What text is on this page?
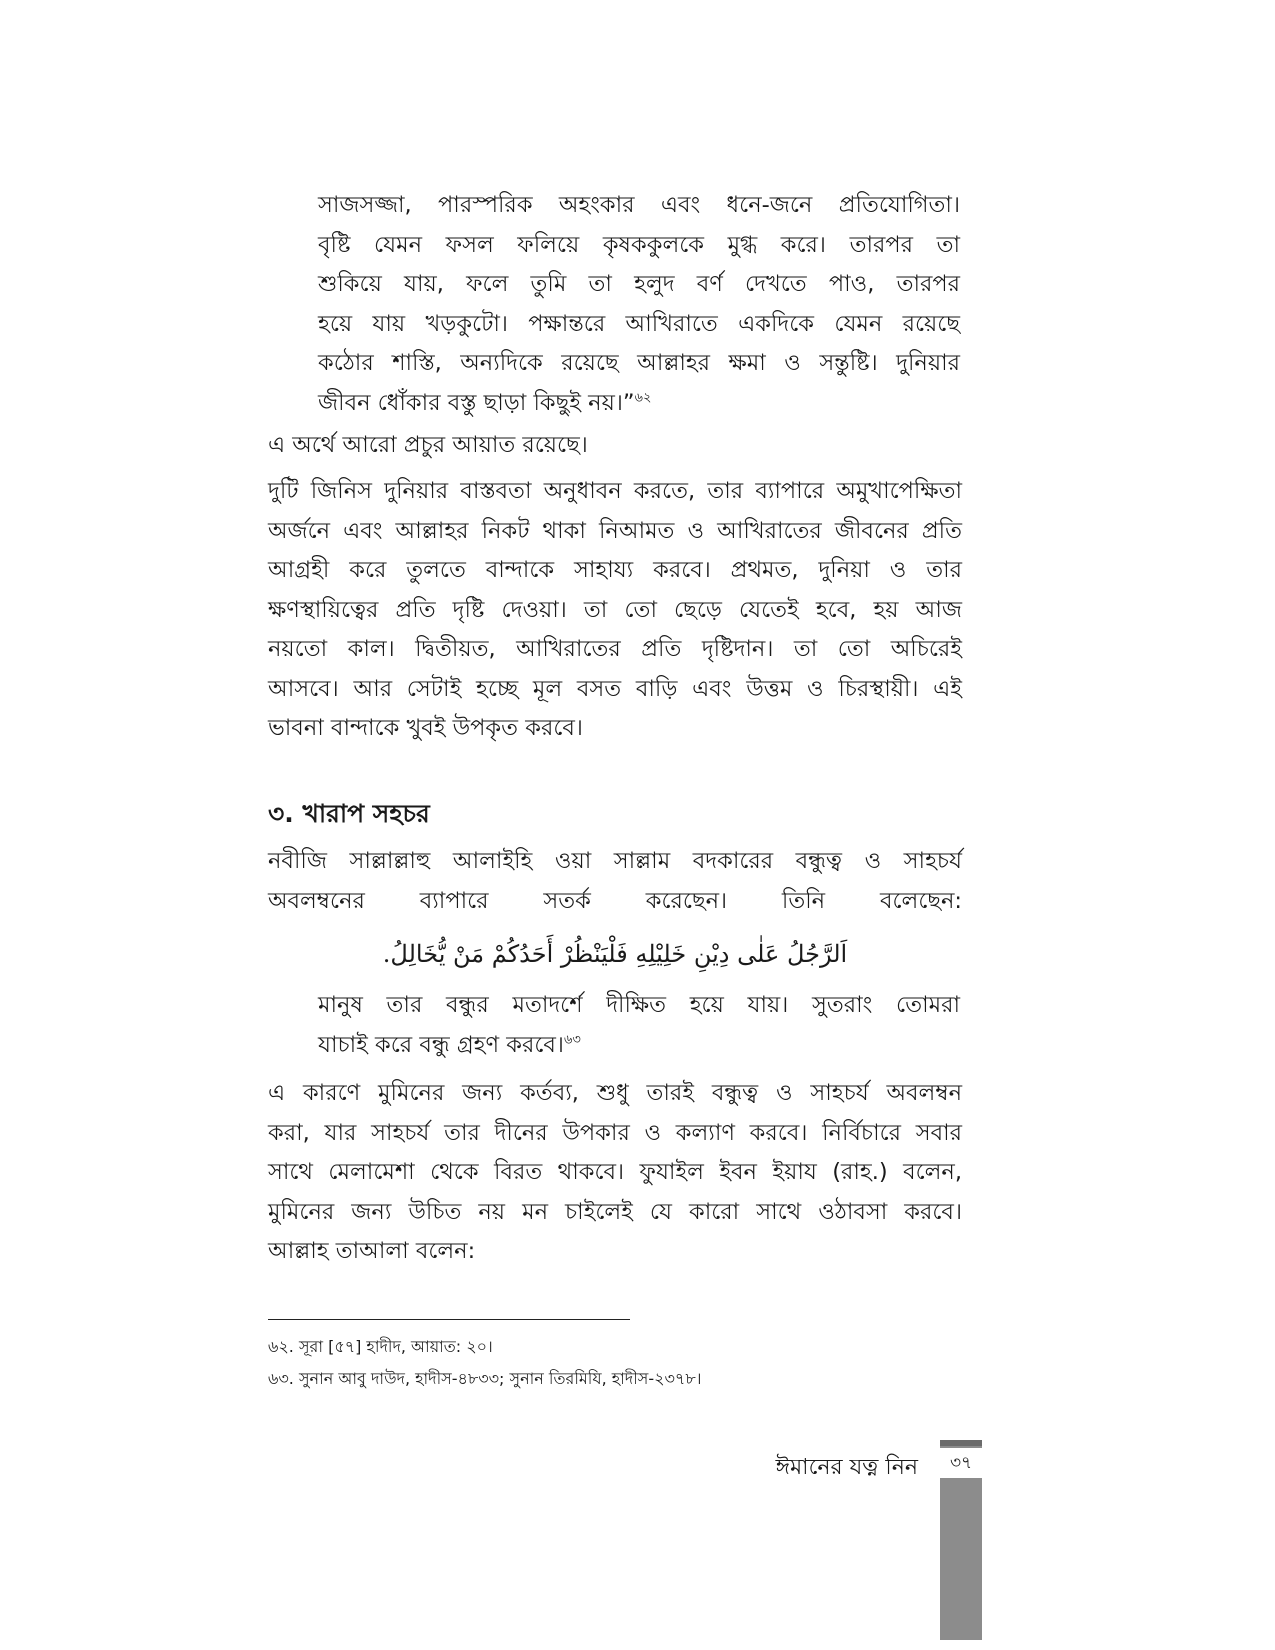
সাজসজ্জা, পারস্পরিক অহংকার এবং ধনে-জনে প্রতিযোগিতা।

বৃষ্টি যেমন ফসল ফলিয়ে কৃষককুলকে মুগ্ধ করে। তারপর তা

শুকিয়ে যায়, ফলে তুমি তা হলুদ বর্ণ দেখতে পাও, তারপর

হয়ে যায় খড়কুটো। পক্ষান্তরে আখিরাতে একদিকে যেমন রয়েছে

কঠোর শাস্তি, অন্যদিকে রয়েছে আল্লাহর ক্ষমা ও সন্তুষ্টি। দুনিয়ার

জীবন ধোঁকার বস্তু ছাড়া কিছুই নয়।”$^{৬২}$

এ অর্থে আরো প্রচুর আয়াত রয়েছে।

দুটি জিনিস দুনিয়ার বাস্তবতা অনুধাবন করতে, তার ব্যাপারে অমুখাপেক্ষিতা
অর্জনে এবং আল্লাহর নিকট থাকা নিআমত ও আখিরাতের জীবনের প্রতি
আগ্রহী করে তুলতে বান্দাকে সাহায্য করবে। প্রথমত, দুনিয়া ও তার
ক্ষণস্থায়িত্বের প্রতি দৃষ্টি দেওয়া। তা তো ছেড়ে যেতেই হবে, হয় আজ
নয়তো কাল। দ্বিতীয়ত, আখিরাতের প্রতি দৃষ্টিদান। তা তো অচিরেই
আসবে। আর সেটাই হচ্ছে মূল বসত বাড়ি এবং উত্তম ও চিরস্থায়ী। এই
ভাবনা বান্দাকে খুবই উপকৃত করবে।

৩. খারাপ সহচর

নবীজি সাল্লাল্লাহু আলাইহি ওয়া সাল্লাম বদকারের বন্ধুত্ব ও সাহচর্য
অবলম্বনের ব্যাপারে সতর্ক করেছেন। তিনি বলেছেন:

اَلرَّجُلُ عَلٰى دِيْنِ خَلِيْلِهِ فَلْيَنْظُرْ أَحَدُكُمْ مَنْ يُّخَالِلُ.

মানুষ তার বন্ধুর মতাদর্শে দীক্ষিত হয়ে যায়। সুতরাং তোমরা
যাচাই করে বন্ধু গ্রহণ করবে।$^{৬৩}$

এ কারণে মুমিনের জন্য কর্তব্য, শুধু তারই বন্ধুত্ব ও সাহচর্য অবলম্বন
করা, যার সাহচর্য তার দীনের উপকার ও কল্যাণ করবে। নির্বিচারে সবার
সাথে মেলামেশা থেকে বিরত থাকবে। ফুযাইল ইবন ইয়ায (রাহ.) বলেন,
মুমিনের জন্য উচিত নয় মন চাইলেই যে কারো সাথে ওঠাবসা করবে।
আল্লাহ তাআলা বলেন:

৬২. সূরা [৫৭] হাদীদ, আয়াত: ২০।
৬৩. সুনান আবু দাউদ, হাদীস-৪৮৩৩; সুনান তিরমিযি, হাদীস-২৩৭৮।
ঈমানের যত্ন নিন	৩৭
